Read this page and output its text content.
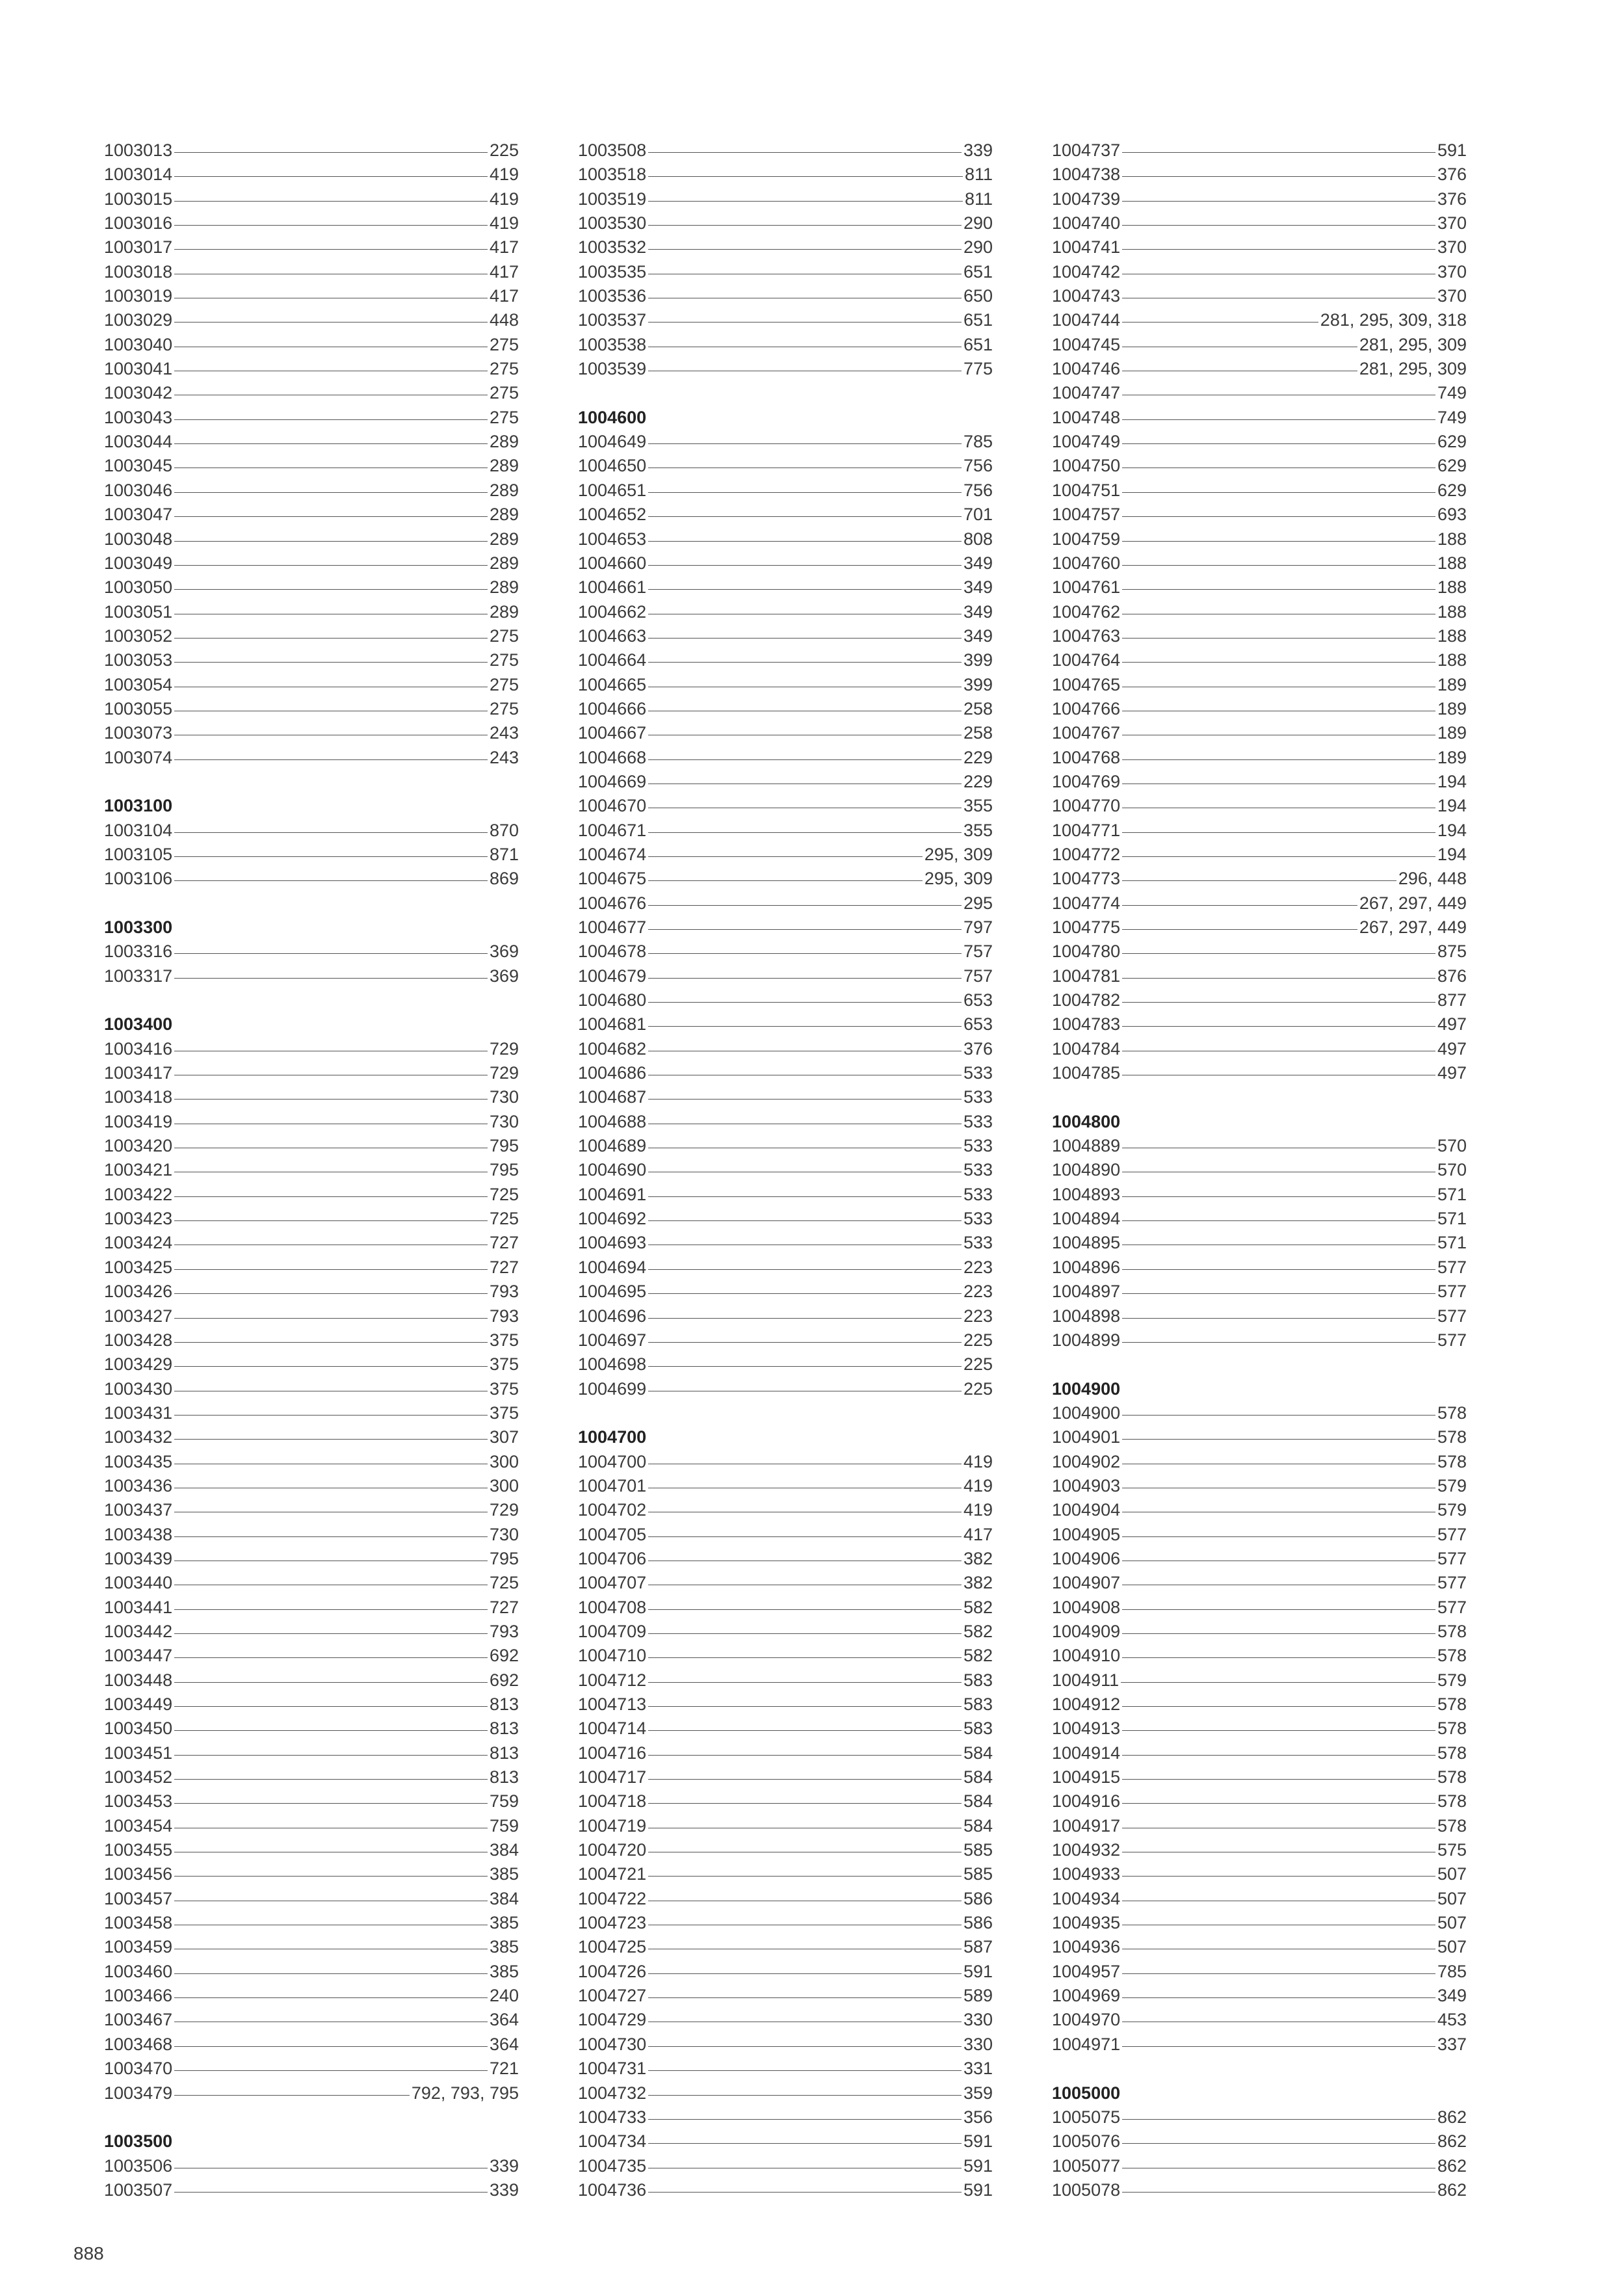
1003013	225
1003014	419
1003015	419
1003016	419
1003017	417
1003018	417
1003019	417
1003029	448
1003040	275
1003041	275
1003042	275
1003043	275
1003044	289
1003045	289
1003046	289
1003047	289
1003048	289
1003049	289
1003050	289
1003051	289
1003052	275
1003053	275
1003054	275
1003055	275
1003073	243
1003074	243
1003100
1003104	870
1003105	871
1003106	869
1003300
1003316	369
1003317	369
1003400
1003416	729
1003417	729
1003418	730
1003419	730
1003420	795
1003421	795
1003422	725
1003423	725
1003424	727
1003425	727
1003426	793
1003427	793
1003428	375
1003429	375
1003430	375
1003431	375
1003432	307
1003435	300
1003436	300
1003437	729
1003438	730
1003439	795
1003440	725
1003441	727
1003442	793
1003447	692
1003448	692
1003449	813
1003450	813
1003451	813
1003452	813
1003453	759
1003454	759
1003455	384
1003456	385
1003457	384
1003458	385
1003459	385
1003460	385
1003466	240
1003467	364
1003468	364
1003470	721
1003479	792, 793, 795
1003500
1003506	339
1003507	339
1003508	339
1003518	811
1003519	811
1003530	290
1003532	290
1003535	651
1003536	650
1003537	651
1003538	651
1003539	775
1004600
1004649	785
1004650	756
1004651	756
1004652	701
1004653	808
1004660	349
1004661	349
1004662	349
1004663	349
1004664	399
1004665	399
1004666	258
1004667	258
1004668	229
1004669	229
1004670	355
1004671	355
1004674	295, 309
1004675	295, 309
1004676	295
1004677	797
1004678	757
1004679	757
1004680	653
1004681	653
1004682	376
1004686	533
1004687	533
1004688	533
1004689	533
1004690	533
1004691	533
1004692	533
1004693	533
1004694	223
1004695	223
1004696	223
1004697	225
1004698	225
1004699	225
1004700
1004700	419
1004701	419
1004702	419
1004705	417
1004706	382
1004707	382
1004708	582
1004709	582
1004710	582
1004712	583
1004713	583
1004714	583
1004716	584
1004717	584
1004718	584
1004719	584
1004720	585
1004721	585
1004722	586
1004723	586
1004725	587
1004726	591
1004727	589
1004729	330
1004730	330
1004731	331
1004732	359
1004733	356
1004734	591
1004735	591
1004736	591
1004737	591
1004738	376
1004739	376
1004740	370
1004741	370
1004742	370
1004743	370
1004744	281, 295, 309, 318
1004745	281, 295, 309
1004746	281, 295, 309
1004747	749
1004748	749
1004749	629
1004750	629
1004751	629
1004757	693
1004759	188
1004760	188
1004761	188
1004762	188
1004763	188
1004764	188
1004765	189
1004766	189
1004767	189
1004768	189
1004769	194
1004770	194
1004771	194
1004772	194
1004773	296, 448
1004774	267, 297, 449
1004775	267, 297, 449
1004780	875
1004781	876
1004782	877
1004783	497
1004784	497
1004785	497
1004800
1004889	570
1004890	570
1004893	571
1004894	571
1004895	571
1004896	577
1004897	577
1004898	577
1004899	577
1004900
1004900	578
1004901	578
1004902	578
1004903	579
1004904	579
1004905	577
1004906	577
1004907	577
1004908	577
1004909	578
1004910	578
1004911	579
1004912	578
1004913	578
1004914	578
1004915	578
1004916	578
1004917	578
1004932	575
1004933	507
1004934	507
1004935	507
1004936	507
1004957	785
1004969	349
1004970	453
1004971	337
1005000
1005075	862
1005076	862
1005077	862
1005078	862
888
